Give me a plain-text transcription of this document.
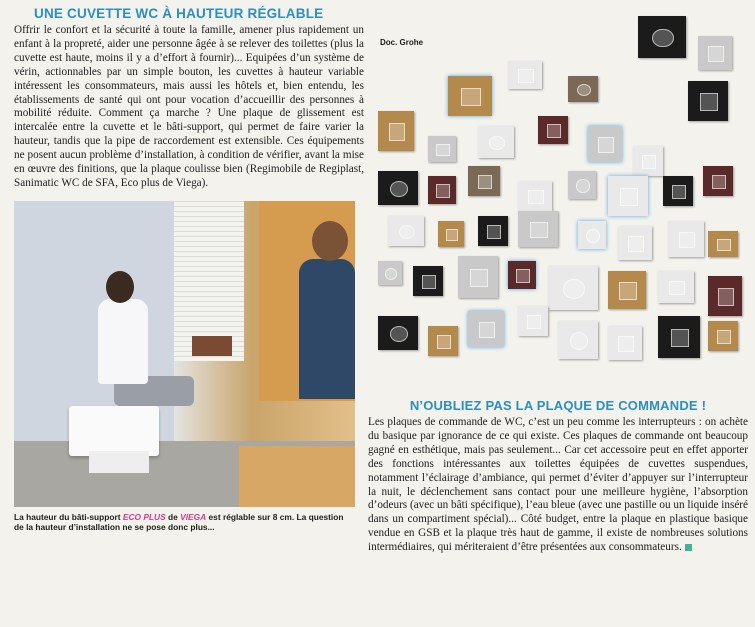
UNE CUVETTE WC À HAUTEUR RÉGLABLE

Offrir le confort et la sécurité à toute la famille, amener plus rapidement un enfant à la propreté, aider une personne âgée à se relever des toilettes (plus la cuvette est haute, moins il y a d’effort à fournir)... Equipées d’un système de vérin, actionnables par un simple bouton, les cuvettes à hauteur variable intéressent les consommateurs, mais aussi les hôtels et, bien entendu, les établissements de santé qui ont pour vocation d’accueillir des personnes à mobilité réduite. Comment ça marche ? Une plaque de glissement est intercalée entre la cuvette et le bâti-support, qui permet de faire varier la hauteur, tandis que la pipe de raccordement est extensible. Ces équipements ne posent aucun problème d’installation, à condition de vérifier, avant la mise en œuvre des finitions, que la plaque coulisse bien (Regimobile de Regiplast, Sanimatic WC de SFA, Eco plus de Viega).

La hauteur du bâti-support ECO PLUS de VIEGA est réglable sur 8 cm. La question de la hauteur d’installation ne se pose donc plus...
Doc. Grohe
N’OUBLIEZ PAS LA PLAQUE DE COMMANDE !

Les plaques de commande de WC, c’est un peu comme les interrupteurs : on achète du basique par ignorance de ce qui existe. Ces plaques de commande ont beaucoup gagné en esthétique, mais pas seulement... Car cet accessoire peut en effet apporter des fonctions intéressantes aux toilettes équipées de cuvettes suspendues, notamment l’éclairage d’ambiance, qui permet d’éviter d’appuyer sur l’interrupteur la nuit, le déclenchement sans contact pour une meilleure hygiène, l’absorption d’odeurs (avec un bâti spécifique), l’eau bleue (avec une pastille ou un liquide inséré dans un compartiment spécial)... Côté budget, entre la plaque en plastique basique vendue en GSB et la plaque très haut de gamme, il existe de nombreuses solutions intermédiaires, qui mériteraient d’être présentées aux consommateurs.
